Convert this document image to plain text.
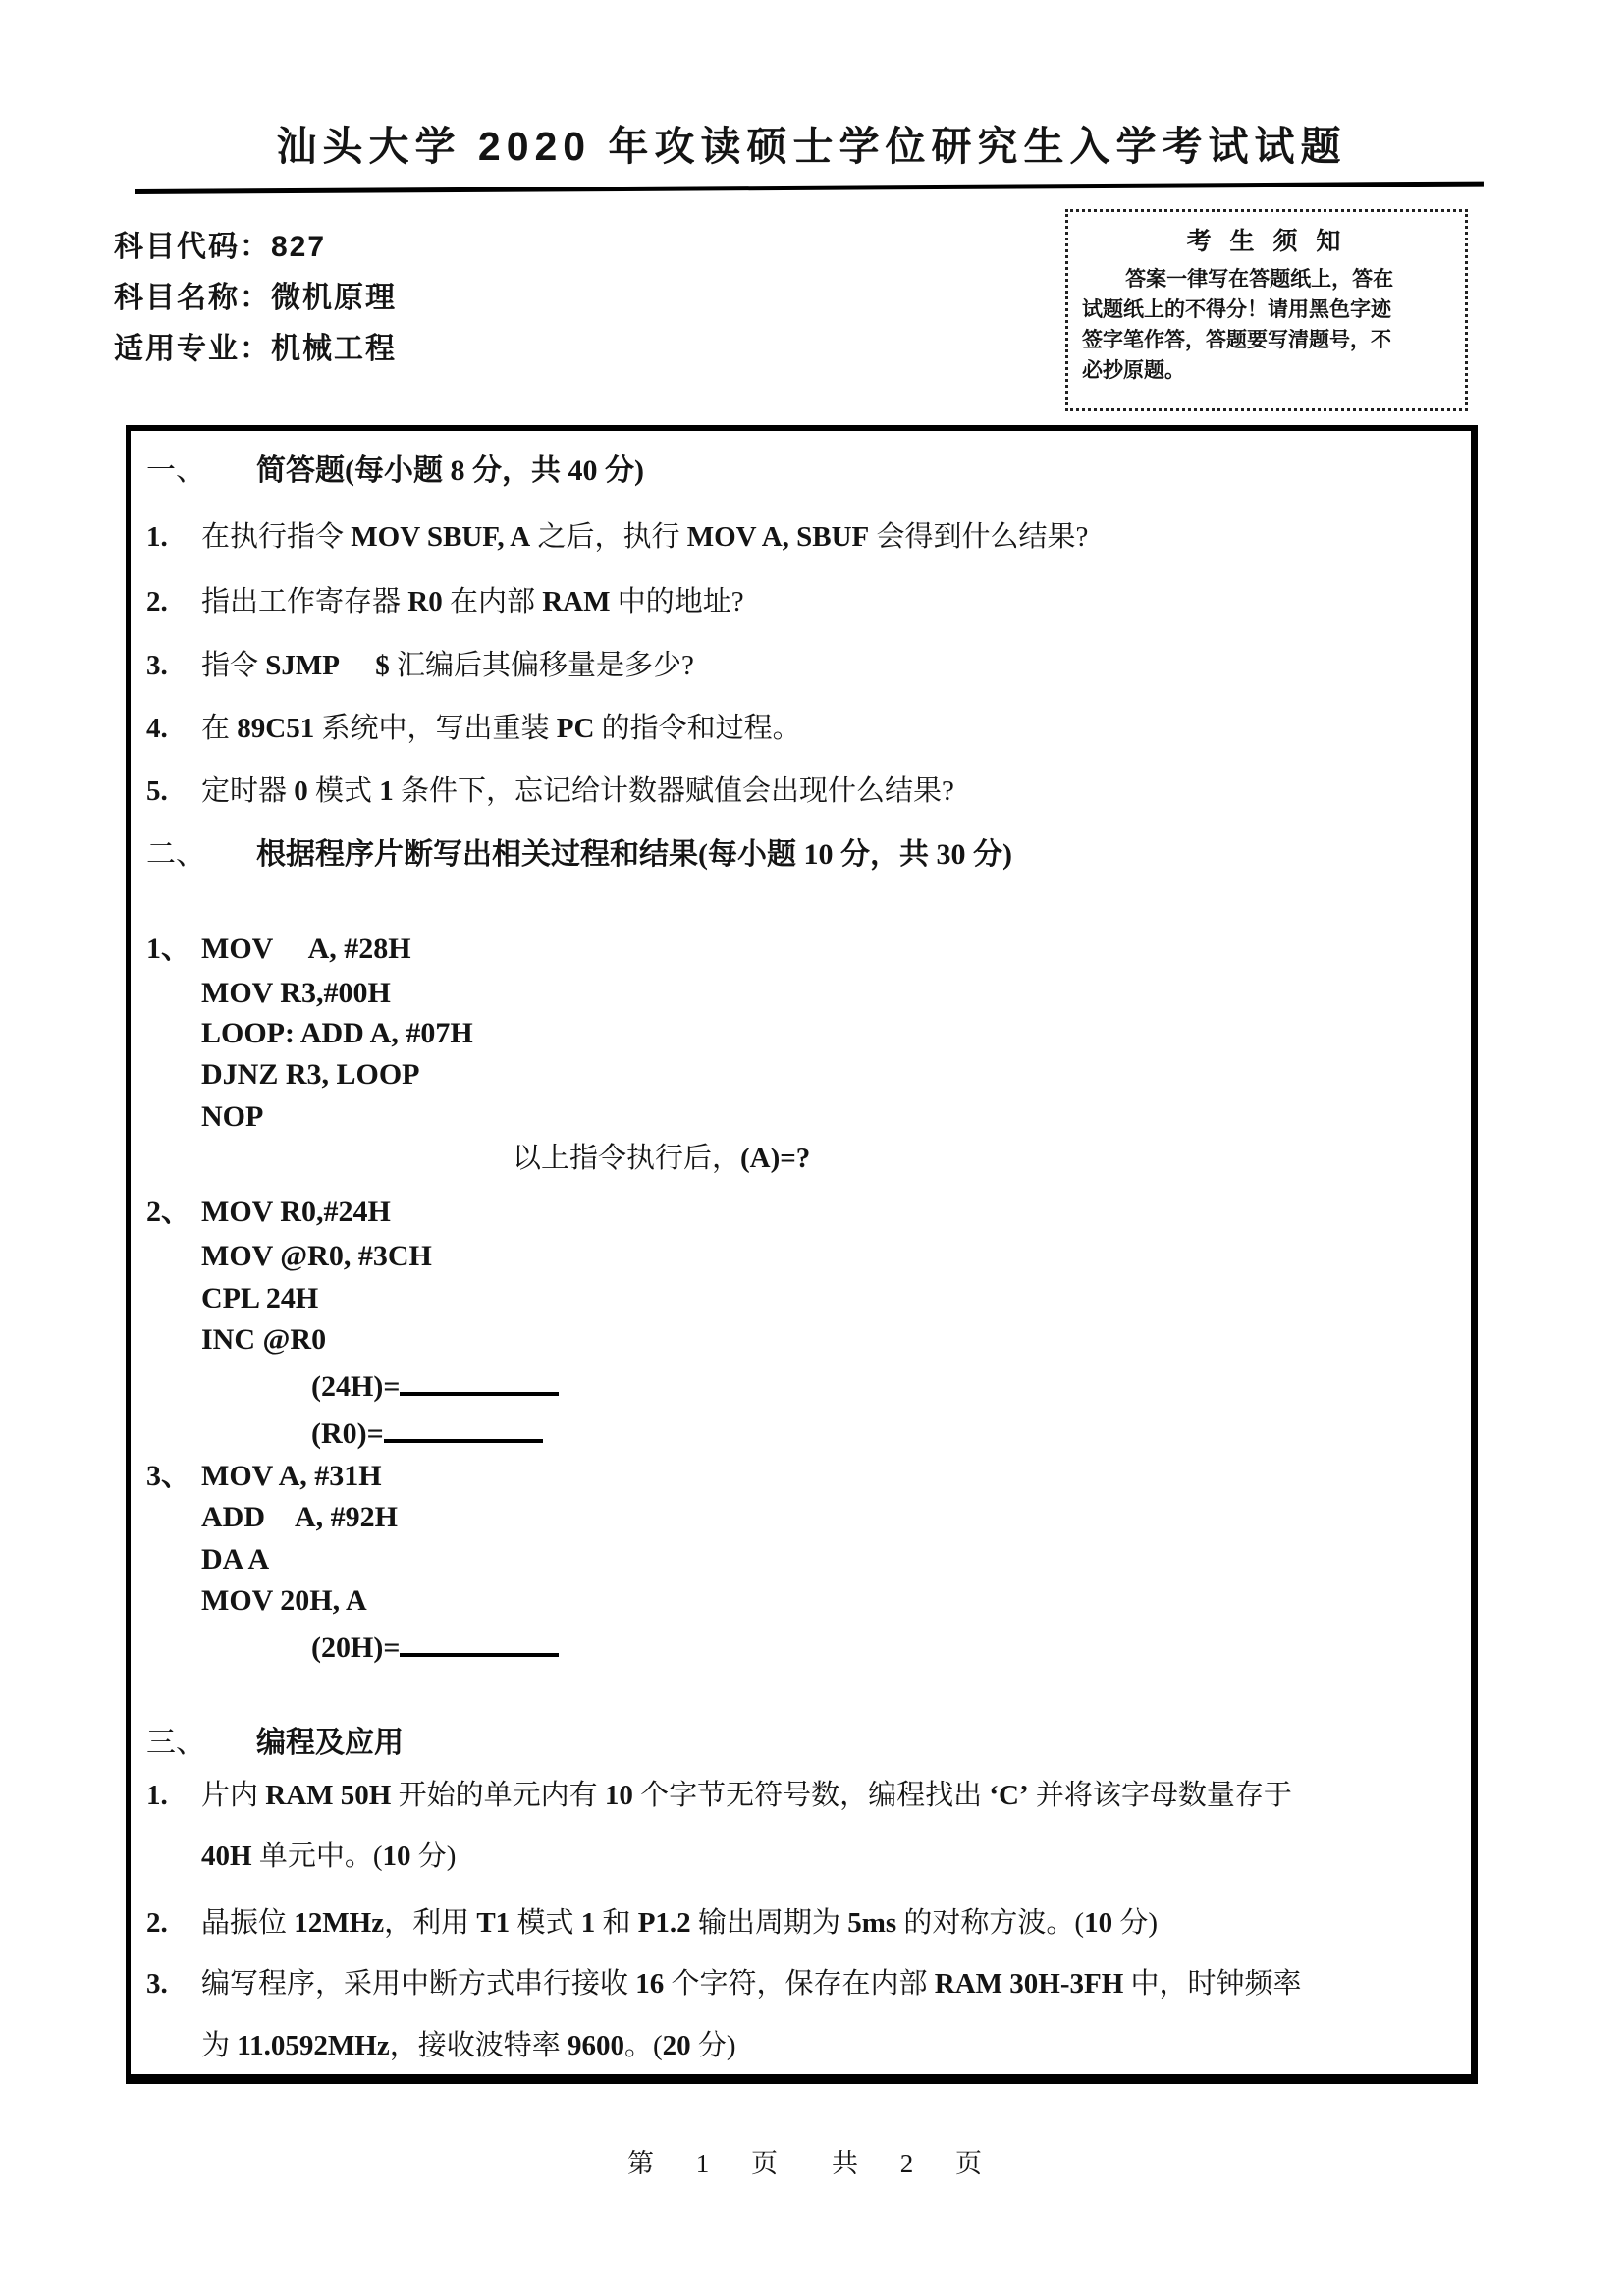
汕头大学 2020 年攻读硕士学位研究生入学考试试题
科目代码：827
科目名称：微机原理
适用专业：机械工程
考 生 须 知
答案一律写在答题纸上，答在
试题纸上的不得分！请用黑色字迹
签字笔作答，答题要写清题号，不
必抄原题。
一、 简答题(每小题 8 分，共 40 分)
1. 在执行指令 MOV SBUF, A 之后，执行 MOV A, SBUF 会得到什么结果?
2. 指出工作寄存器 R0 在内部 RAM 中的地址?
3. 指令 SJMP　 $ 汇编后其偏移量是多少?
4. 在 89C51 系统中，写出重装 PC 的指令和过程。
5. 定时器 0 模式 1 条件下，忘记给计数器赋值会出现什么结果?
二、 根据程序片断写出相关过程和结果(每小题 10 分，共 30 分)
1、 MOV　 A, #28H
MOV R3,#00H
LOOP: ADD A, #07H
DJNZ R3, LOOP
NOP
以上指令执行后，(A)=?
2、 MOV R0,#24H
MOV @R0, #3CH
CPL 24H
INC @R0
(24H)=
(R0)=
3、 MOV A, #31H
ADD　A, #92H
DA A
MOV 20H, A
(20H)=
三、 编程及应用
1. 片内 RAM 50H 开始的单元内有 10 个字节无符号数，编程找出 ‘C’ 并将该字母数量存于
40H 单元中。(10 分)
2. 晶振位 12MHz，利用 T1 模式 1 和 P1.2 输出周期为 5ms 的对称方波。(10 分)
3. 编写程序，采用中断方式串行接收 16 个字符，保存在内部 RAM 30H-3FH 中，时钟频率
为 11.0592MHz，接收波特率 9600。(20 分)
第 1 页　共 2 页
